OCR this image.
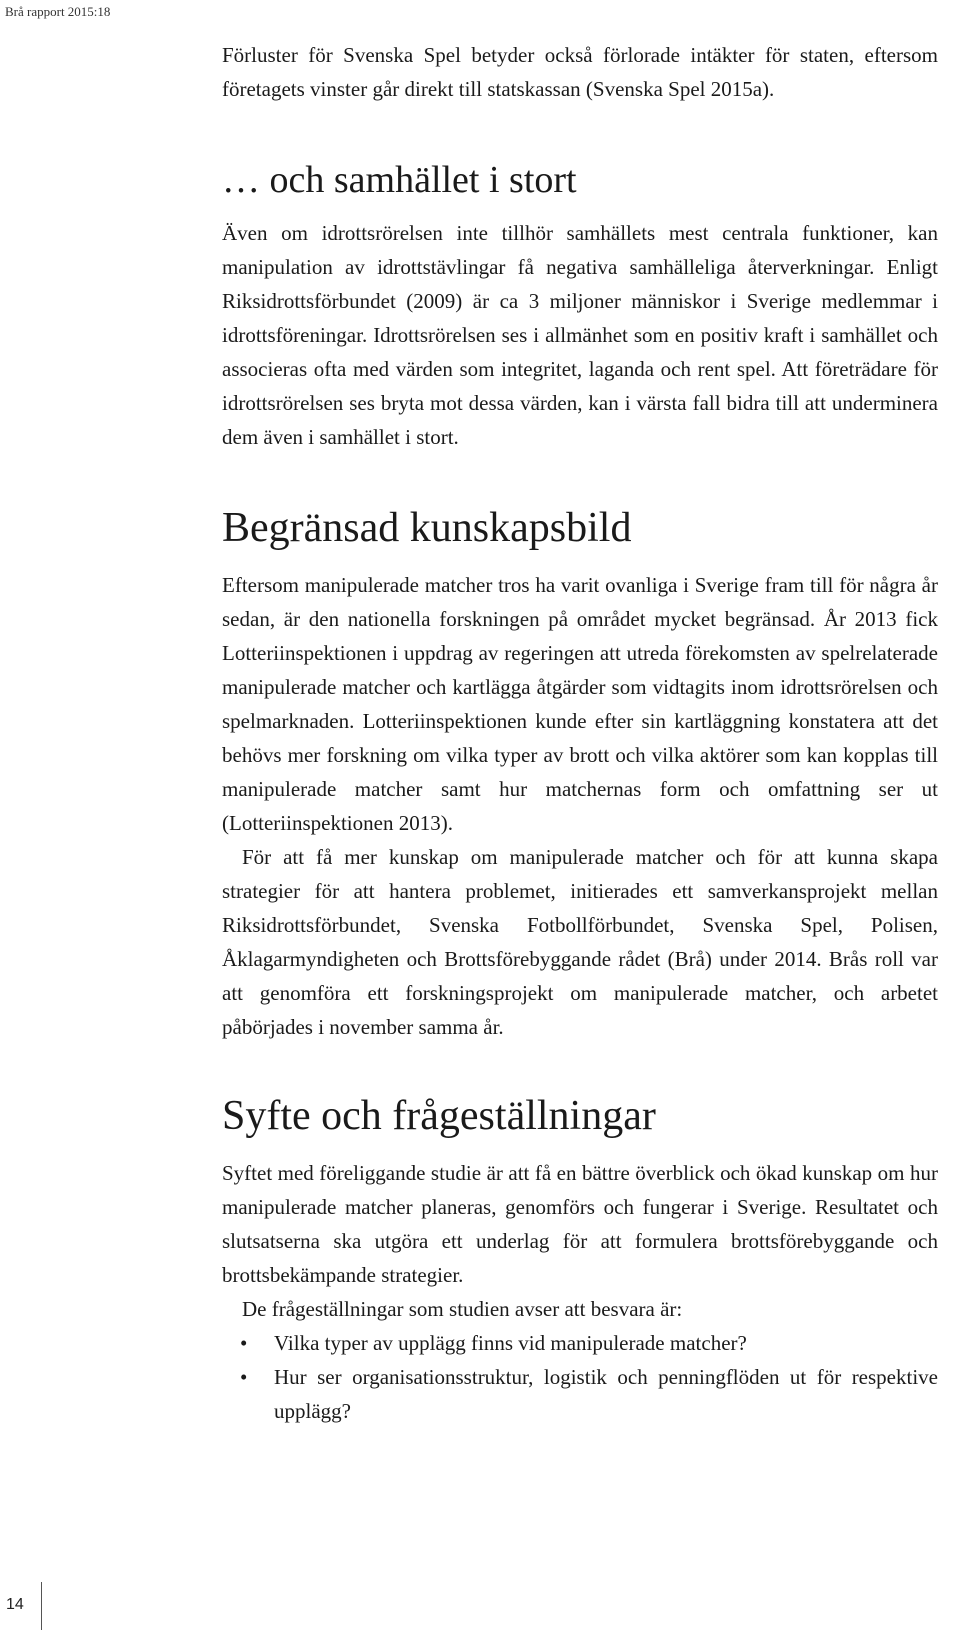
Brå rapport 2015:18

Förluster för Svenska Spel betyder också förlorade intäkter för staten, eftersom företagets vinster går direkt till statskassan (Svenska Spel 2015a).

… och samhället i stort

Även om idrottsrörelsen inte tillhör samhällets mest centrala funktioner, kan manipulation av idrottstävlingar få negativa samhälleliga återverkningar. Enligt Riksidrottsförbundet (2009) är ca 3 miljoner människor i Sverige medlemmar i idrottsföreningar. Idrottsrörelsen ses i allmänhet som en positiv kraft i samhället och associeras ofta med värden som integritet, laganda och rent spel. Att företrädare för idrottsrörelsen ses bryta mot dessa värden, kan i värsta fall bidra till att underminera dem även i samhället i stort.

Begränsad kunskapsbild

Eftersom manipulerade matcher tros ha varit ovanliga i Sverige fram till för några år sedan, är den nationella forskningen på området mycket begränsad. År 2013 fick Lotteriinspektionen i uppdrag av regeringen att utreda förekomsten av spelrelaterade manipulerade matcher och kartlägga åtgärder som vidtagits inom idrottsrörelsen och spelmarknaden. Lotteriinspektionen kunde efter sin kartläggning konstatera att det behövs mer forskning om vilka typer av brott och vilka aktörer som kan kopplas till manipulerade matcher samt hur matchernas form och omfattning ser ut (Lotteriinspektionen 2013).

För att få mer kunskap om manipulerade matcher och för att kunna skapa strategier för att hantera problemet, initierades ett samverkansprojekt mellan Riksidrottsförbundet, Svenska Fotbollförbundet, Svenska Spel, Polisen, Åklagarmyndigheten och Brottsförebyggande rådet (Brå) under 2014. Brås roll var att genomföra ett forskningsprojekt om manipulerade matcher, och arbetet påbörjades i november samma år.

Syfte och frågeställningar

Syftet med föreliggande studie är att få en bättre överblick och ökad kunskap om hur manipulerade matcher planeras, genomförs och fungerar i Sverige. Resultatet och slutsatserna ska utgöra ett underlag för att formulera brottsförebyggande och brottsbekämpande strategier.

De frågeställningar som studien avser att besvara är:

• Vilka typer av upplägg finns vid manipulerade matcher?
• Hur ser organisationsstruktur, logistik och penningflöden ut för respektive upplägg?
14
